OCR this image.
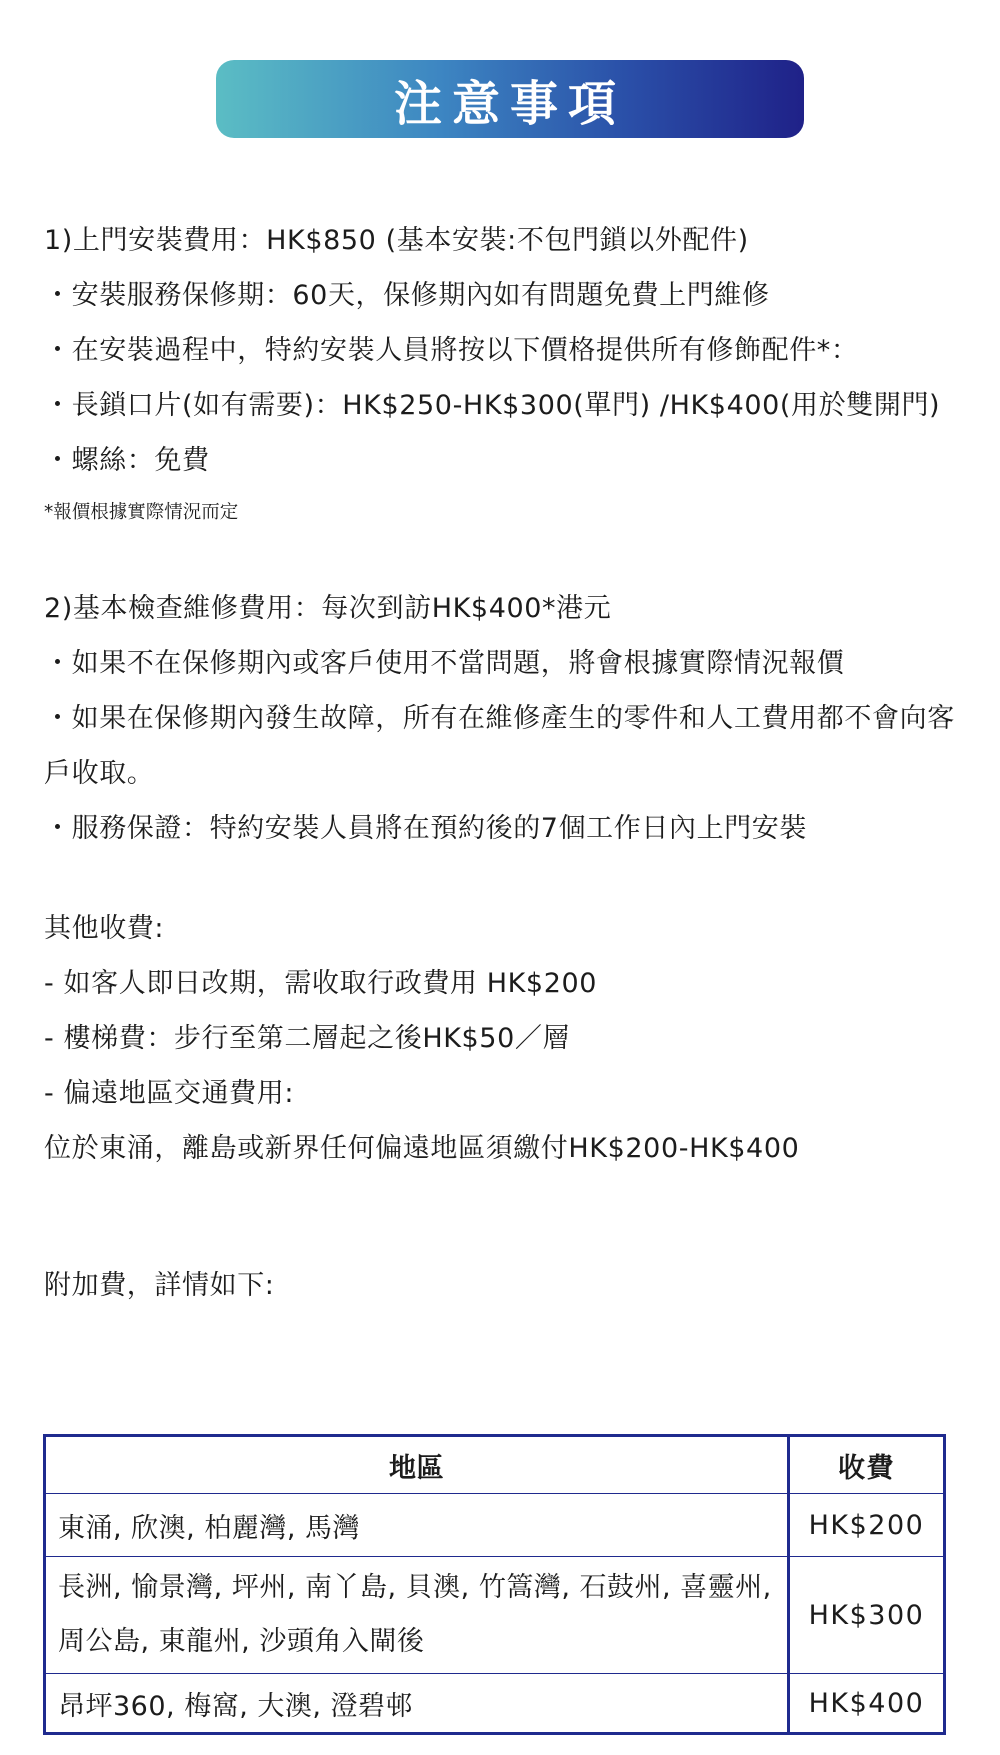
注意事項
1)上門安裝費用：HK$850 (基本安裝:不包門鎖以外配件)
・安裝服務保修期：60天，保修期內如有問題免費上門維修
・在安裝過程中，特約安裝人員將按以下價格提供所有修飾配件*：
・長鎖口片(如有需要)：HK$250-HK$300(單門) /HK$400(用於雙開門)
・螺絲：免費
*報價根據實際情況而定
2)基本檢查維修費用：每次到訪HK$400*港元
・如果不在保修期內或客戶使用不當問題，將會根據實際情況報價
・如果在保修期內發生故障，所有在維修產生的零件和人工費用都不會向客戶收取。
・服務保證：特約安裝人員將在預約後的7個工作日內上門安裝
其他收費:
- 如客人即日改期，需收取行政費用 HK$200
- 樓梯費：步行至第二層起之後HK$50／層
- 偏遠地區交通費用:
位於東涌，離島或新界任何偏遠地區須繳付HK$200-HK$400
附加費，詳情如下:
地區	收費
東涌, 欣澳, 柏麗灣, 馬灣	HK$200
長洲, 愉景灣, 坪州, 南丫島, 貝澳, 竹篙灣, 石鼓州, 喜靈州, 周公島, 東龍州, 沙頭角入閘後
HK$300
昂坪360, 梅窩, 大澳, 澄碧邨	HK$400
